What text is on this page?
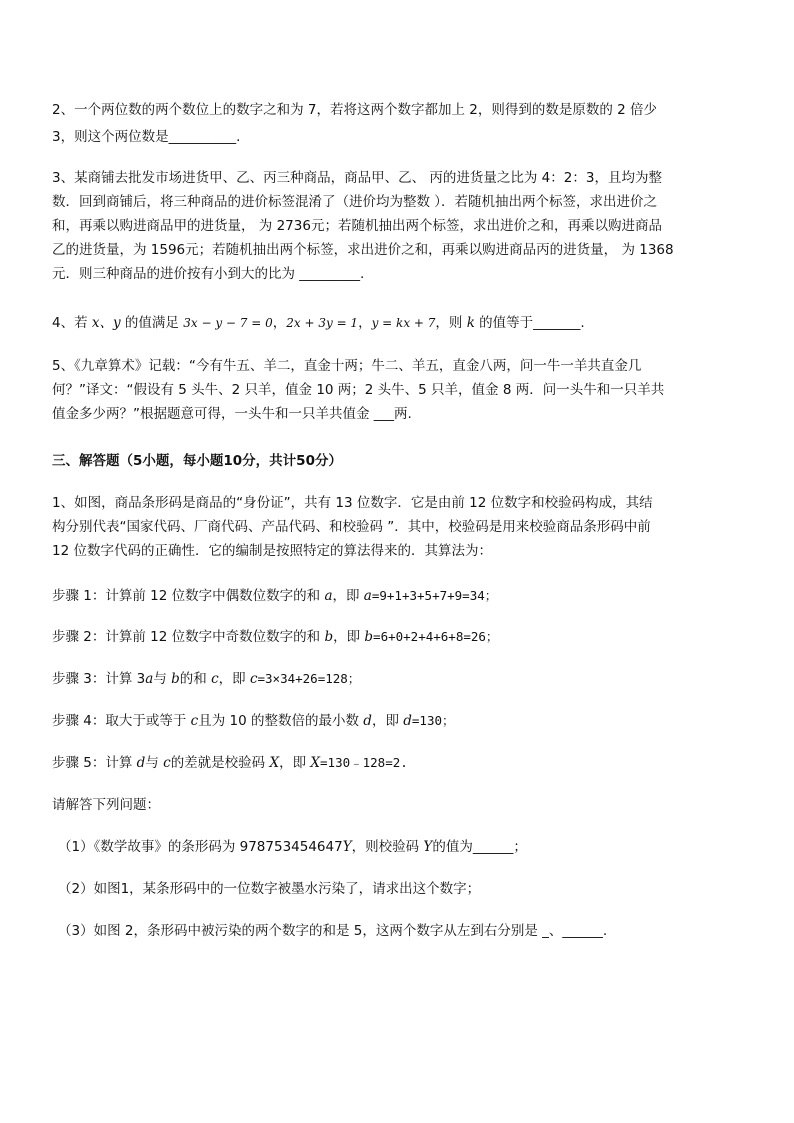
2、一个两位数的两个数位上的数字之和为 7，若将这两个数字都加上 2，则得到的数是原数的 2 倍少
3，则这个两位数是__________.
3、某商铺去批发市场进货甲、乙、丙三种商品，商品甲、乙、 丙的进货量之比为 4：2：3，且均为整
数．回到商铺后，将三种商品的进价标签混淆了（进价均为整数 ）．若随机抽出两个标签，求出进价之
和，再乘以购进商品甲的进货量， 为 2736元；若随机抽出两个标签，求出进价之和，再乘以购进商品
乙的进货量，为 1596元；若随机抽出两个标签，求出进价之和，再乘以购进商品丙的进货量， 为 1368
元．则三种商品的进价按有小到大的比为 _________.
4、若 x、y 的值满足 3x − y − 7 = 0，2x + 3y = 1，y = kx + 7，则 k 的值等于_______.
5、《九章算术》记载：“今有牛五、羊二，直金十两；牛二、羊五，直金八两，问一牛一羊共直金几
何？”译文：“假设有 5 头牛、2 只羊，值金 10 两；2 头牛、5 只羊，值金 8 两．问一头牛和一只羊共
值金多少两？”根据题意可得，一头牛和一只羊共值金 ___两.
三、解答题（5小题，每小题10分，共计50分）
1、如图，商品条形码是商品的“身份证”，共有 13 位数字．它是由前 12 位数字和校验码构成，其结
构分别代表“国家代码、厂商代码、产品代码、和校验码 ”．其中，校验码是用来校验商品条形码中前
12 位数字代码的正确性．它的编制是按照特定的算法得来的．其算法为：
步骤 1：计算前 12 位数字中偶数位数字的和 a，即 a=9+1+3+5+7+9=34；
步骤 2：计算前 12 位数字中奇数位数字的和 b，即 b=6+0+2+4+6+8=26；
步骤 3：计算 3a与 b的和 c，即 c=3×34+26=128；
步骤 4：取大于或等于 c且为 10 的整数倍的最小数 d，即 d=130；
步骤 5：计算 d与 c的差就是校验码 X，即 X=130﹣128=2.
请解答下列问题：
（1）《数学故事》的条形码为 978753454647Y，则校验码 Y的值为______；
（2）如图1，某条形码中的一位数字被墨水污染了，请求出这个数字；
（3）如图 2，条形码中被污染的两个数字的和是 5，这两个数字从左到右分别是 _、______.
